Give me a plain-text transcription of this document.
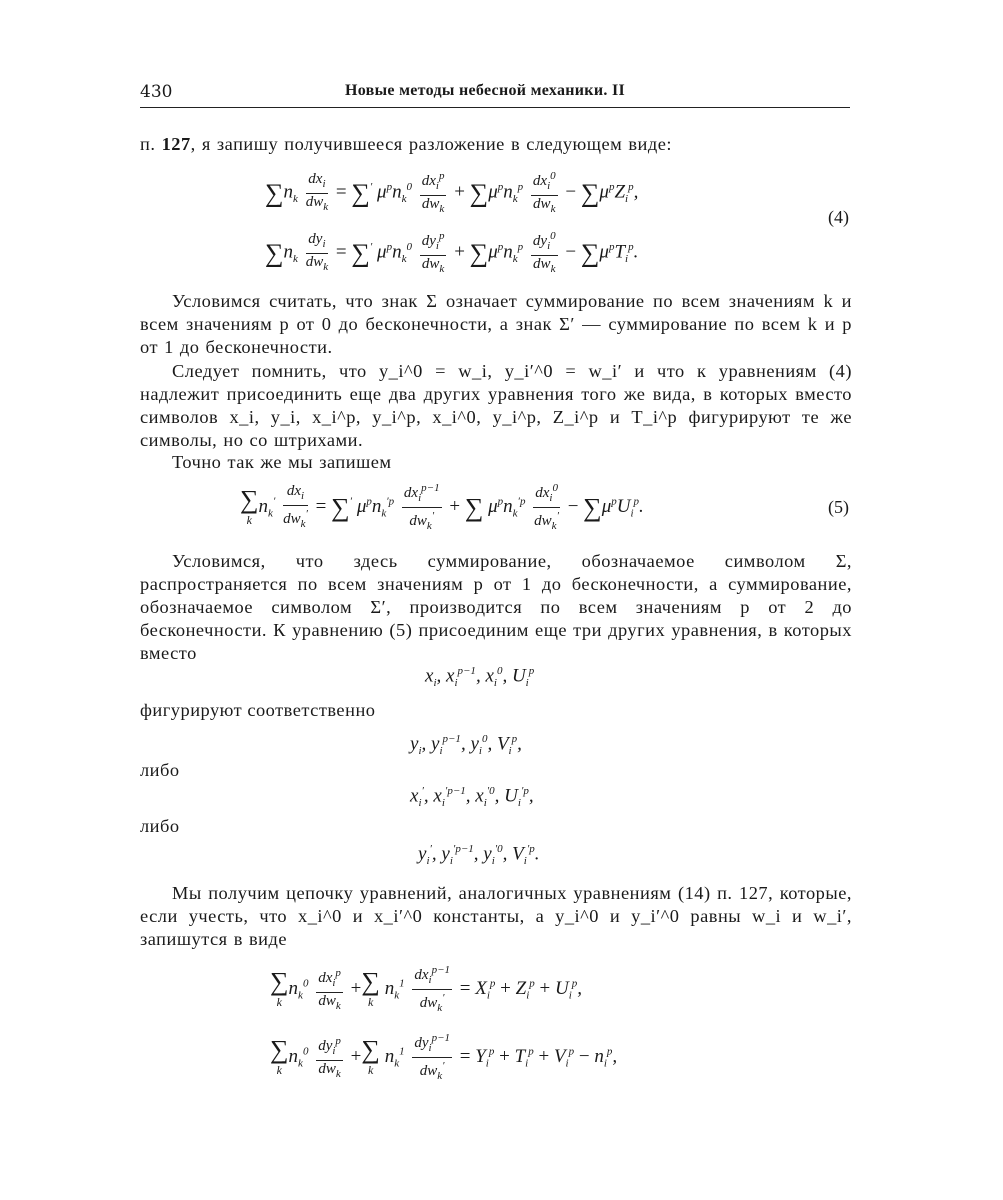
430	Новые методы небесной механики. II
п. 127, я запишу получившееся разложение в следующем виде:
$\sum n_k \frac{dx_i}{dw_k} = \sum'$ $\mu^pn_k^0 \frac{dx_i^p}{dw_k} + \sum\mu^pn_k^p \frac{dx_i^0}{dw_k} - \sum\mu^pZ_i^p$,
$\sum n_k \frac{dy_i}{dw_k} = \sum'$ $\mu^pn_k^0 \frac{dy_i^p}{dw_k} + \sum\mu^pn_k^p \frac{dy_i^0}{dw_k} - \sum\mu^pT_i^p$.
(4)
Условимся считать, что знак Σ означает суммирование по всем значениям k и всем значениям p от 0 до бесконечности, а знак Σ′ — суммирование по всем k и p от 1 до бесконечности.
Следует помнить, что y_i^0 = w_i, y_i′^0 = w_i′ и что к уравнениям (4) надлежит присоединить еще два других уравнения того же вида, в которых вместо символов x_i, y_i, x_i^p, y_i^p, x_i^0, y_i^p, Z_i^p и T_i^p фигурируют те же символы, но со штрихами.
Точно так же мы запишем
∑
k
$n_k' \frac{dx_i}{dw_k'} = \sum'$ $\mu^pn_k^{'p} \frac{dx_i^{p-1}}{dw_k'}$ + ∑ $\mu^pn_k^{'p} \frac{dx_i^0}{dw_k'} - \sum\mu^pU_i^p$.	(5)
Условимся, что здесь суммирование, обозначаемое символом Σ, распространяется по всем значениям p от 1 до бесконечности, а суммирование, обозначаемое символом Σ′, производится по всем значениям p от 2 до бесконечности. К уравнению (5) присоединим еще три других уравнения, в которых вместо
$x_i$, $x_i^{p-1}$, $x_i^0$, $U_i^p$
фигурируют соответственно
$y_i$, $y_i^{p-1}$, $y_i^0$, $V_i^p$,
либо
$x_i'$, $x_i^{'p-1}$, $x_i^{'0}$, $U_i^{'p}$,
либо
$y_i'$, $y_i^{'p-1}$, $y_i^{'0}$, $V_i^{'p}$.
Мы получим цепочку уравнений, аналогичных уравнениям (14) п. 127, которые, если учесть, что x_i^0 и x_i′^0 константы, а y_i^0 и y_i′^0 равны w_i и w_i′, запишутся в виде
∑
k
$n_k^0 \frac{dx_i^p}{dw_k}$ + ∑
k
$n_k^1 \frac{dx_i^{p-1}}{dw_k'} = X_i^p + Z_i^p + U_i^p$,
∑
k
$n_k^0 \frac{dy_i^p}{dw_k}$ + ∑
k
$n_k^1 \frac{dy_i^{p-1}}{dw_k'} = Y_i^p + T_i^p + V_i^p - n_i^p$,
